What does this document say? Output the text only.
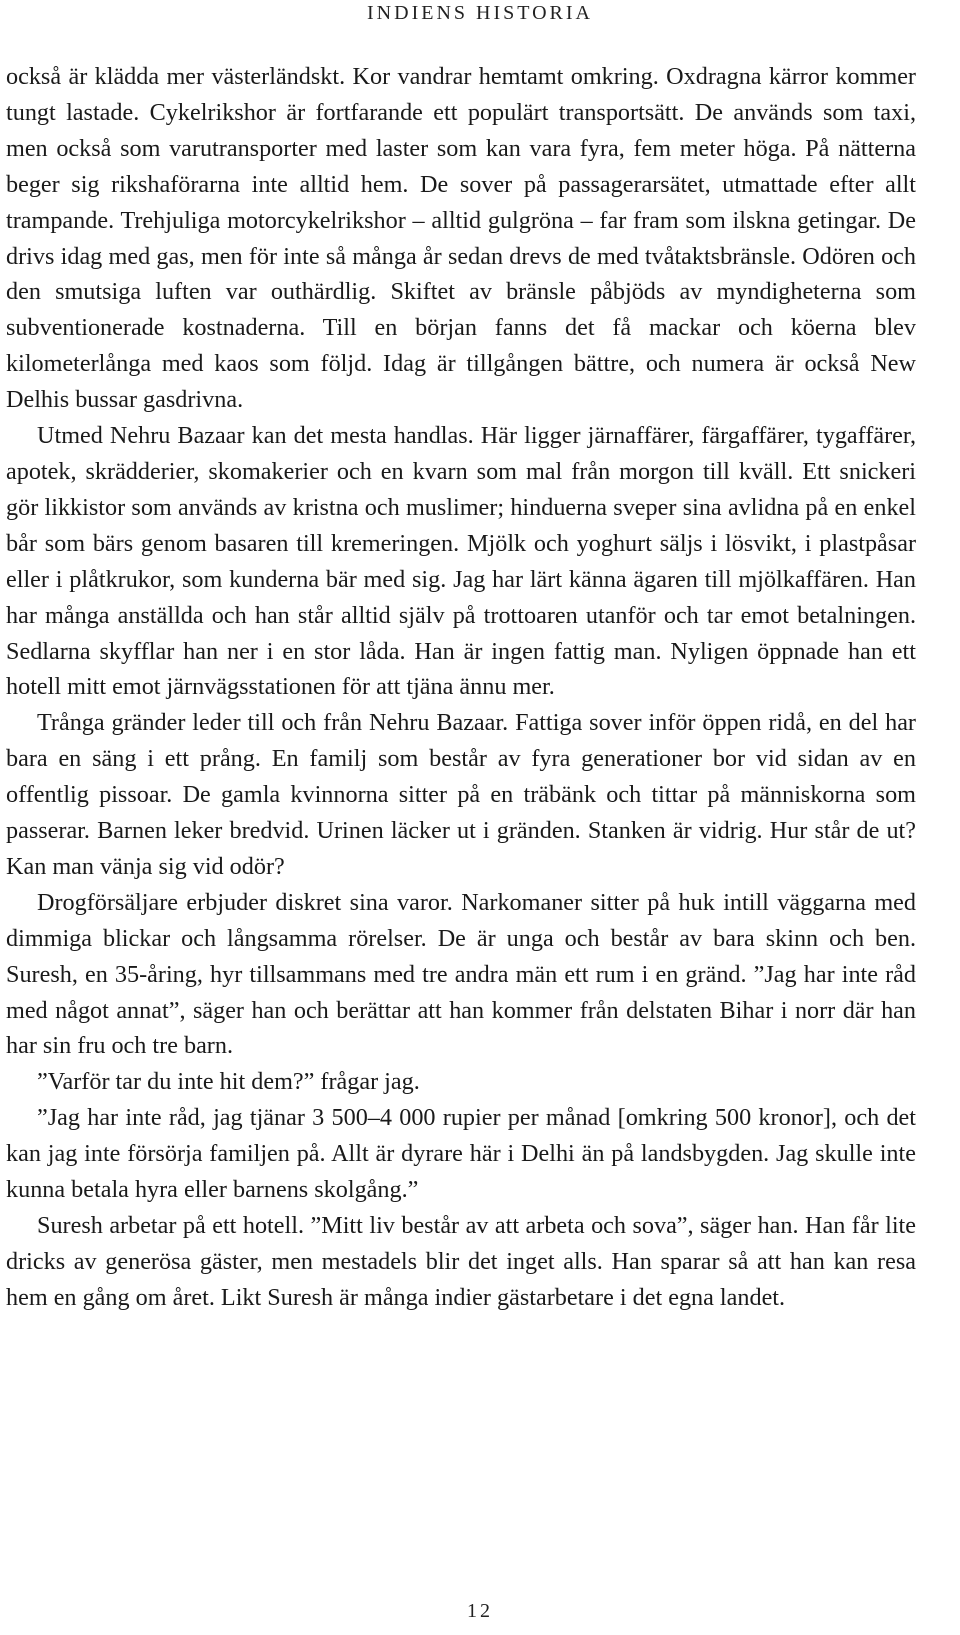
INDIENS HISTORIA

också är klädda mer västerländskt. Kor vandrar hemtamt omkring. Oxdragna kärror kommer tungt lastade. Cykelrikshor är fortfarande ett populärt transportsätt. De används som taxi, men också som varutransporter med laster som kan vara fyra, fem meter höga. På nätterna beger sig rikshaförarna inte alltid hem. De sover på passagerarsätet, utmattade efter allt trampande. Trehjuliga motorcykelrikshor – alltid gulgröna – far fram som ilskna getingar. De drivs idag med gas, men för inte så många år sedan drevs de med tvåtaktsbränsle. Odören och den smutsiga luften var outhärdlig. Skiftet av bränsle påbjöds av myndigheterna som subventionerade kostnaderna. Till en början fanns det få mackar och köerna blev kilometerlånga med kaos som följd. Idag är tillgången bättre, och numera är också New Delhis bussar gasdrivna.

Utmed Nehru Bazaar kan det mesta handlas. Här ligger järnaffärer, färgaffärer, tygaffärer, apotek, skrädderier, skomakerier och en kvarn som mal från morgon till kväll. Ett snickeri gör likkistor som används av kristna och muslimer; hinduerna sveper sina avlidna på en enkel bår som bärs genom basaren till kremeringen. Mjölk och yoghurt säljs i lösvikt, i plastpåsar eller i plåtkrukor, som kunderna bär med sig. Jag har lärt känna ägaren till mjölkaffären. Han har många anställda och han står alltid själv på trottoaren utanför och tar emot betalningen. Sedlarna skyfflar han ner i en stor låda. Han är ingen fattig man. Nyligen öppnade han ett hotell mitt emot järnvägsstationen för att tjäna ännu mer.

Trånga gränder leder till och från Nehru Bazaar. Fattiga sover inför öppen ridå, en del har bara en säng i ett prång. En familj som består av fyra generationer bor vid sidan av en offentlig pissoar. De gamla kvinnorna sitter på en träbänk och tittar på människorna som passerar. Barnen leker bredvid. Urinen läcker ut i gränden. Stanken är vidrig. Hur står de ut? Kan man vänja sig vid odör?

Drogförsäljare erbjuder diskret sina varor. Narkomaner sitter på huk intill väggarna med dimmiga blickar och långsamma rörelser. De är unga och består av bara skinn och ben. Suresh, en 35-åring, hyr tillsammans med tre andra män ett rum i en gränd. ”Jag har inte råd med något annat”, säger han och berättar att han kommer från delstaten Bihar i norr där han har sin fru och tre barn.

”Varför tar du inte hit dem?” frågar jag.

”Jag har inte råd, jag tjänar 3 500–4 000 rupier per månad [omkring 500 kronor], och det kan jag inte försörja familjen på. Allt är dyrare här i Delhi än på landsbygden. Jag skulle inte kunna betala hyra eller barnens skolgång.”

Suresh arbetar på ett hotell. ”Mitt liv består av att arbeta och sova”, säger han. Han får lite dricks av generösa gäster, men mestadels blir det inget alls. Han sparar så att han kan resa hem en gång om året. Likt Suresh är många indier gästarbetare i det egna landet.

12
